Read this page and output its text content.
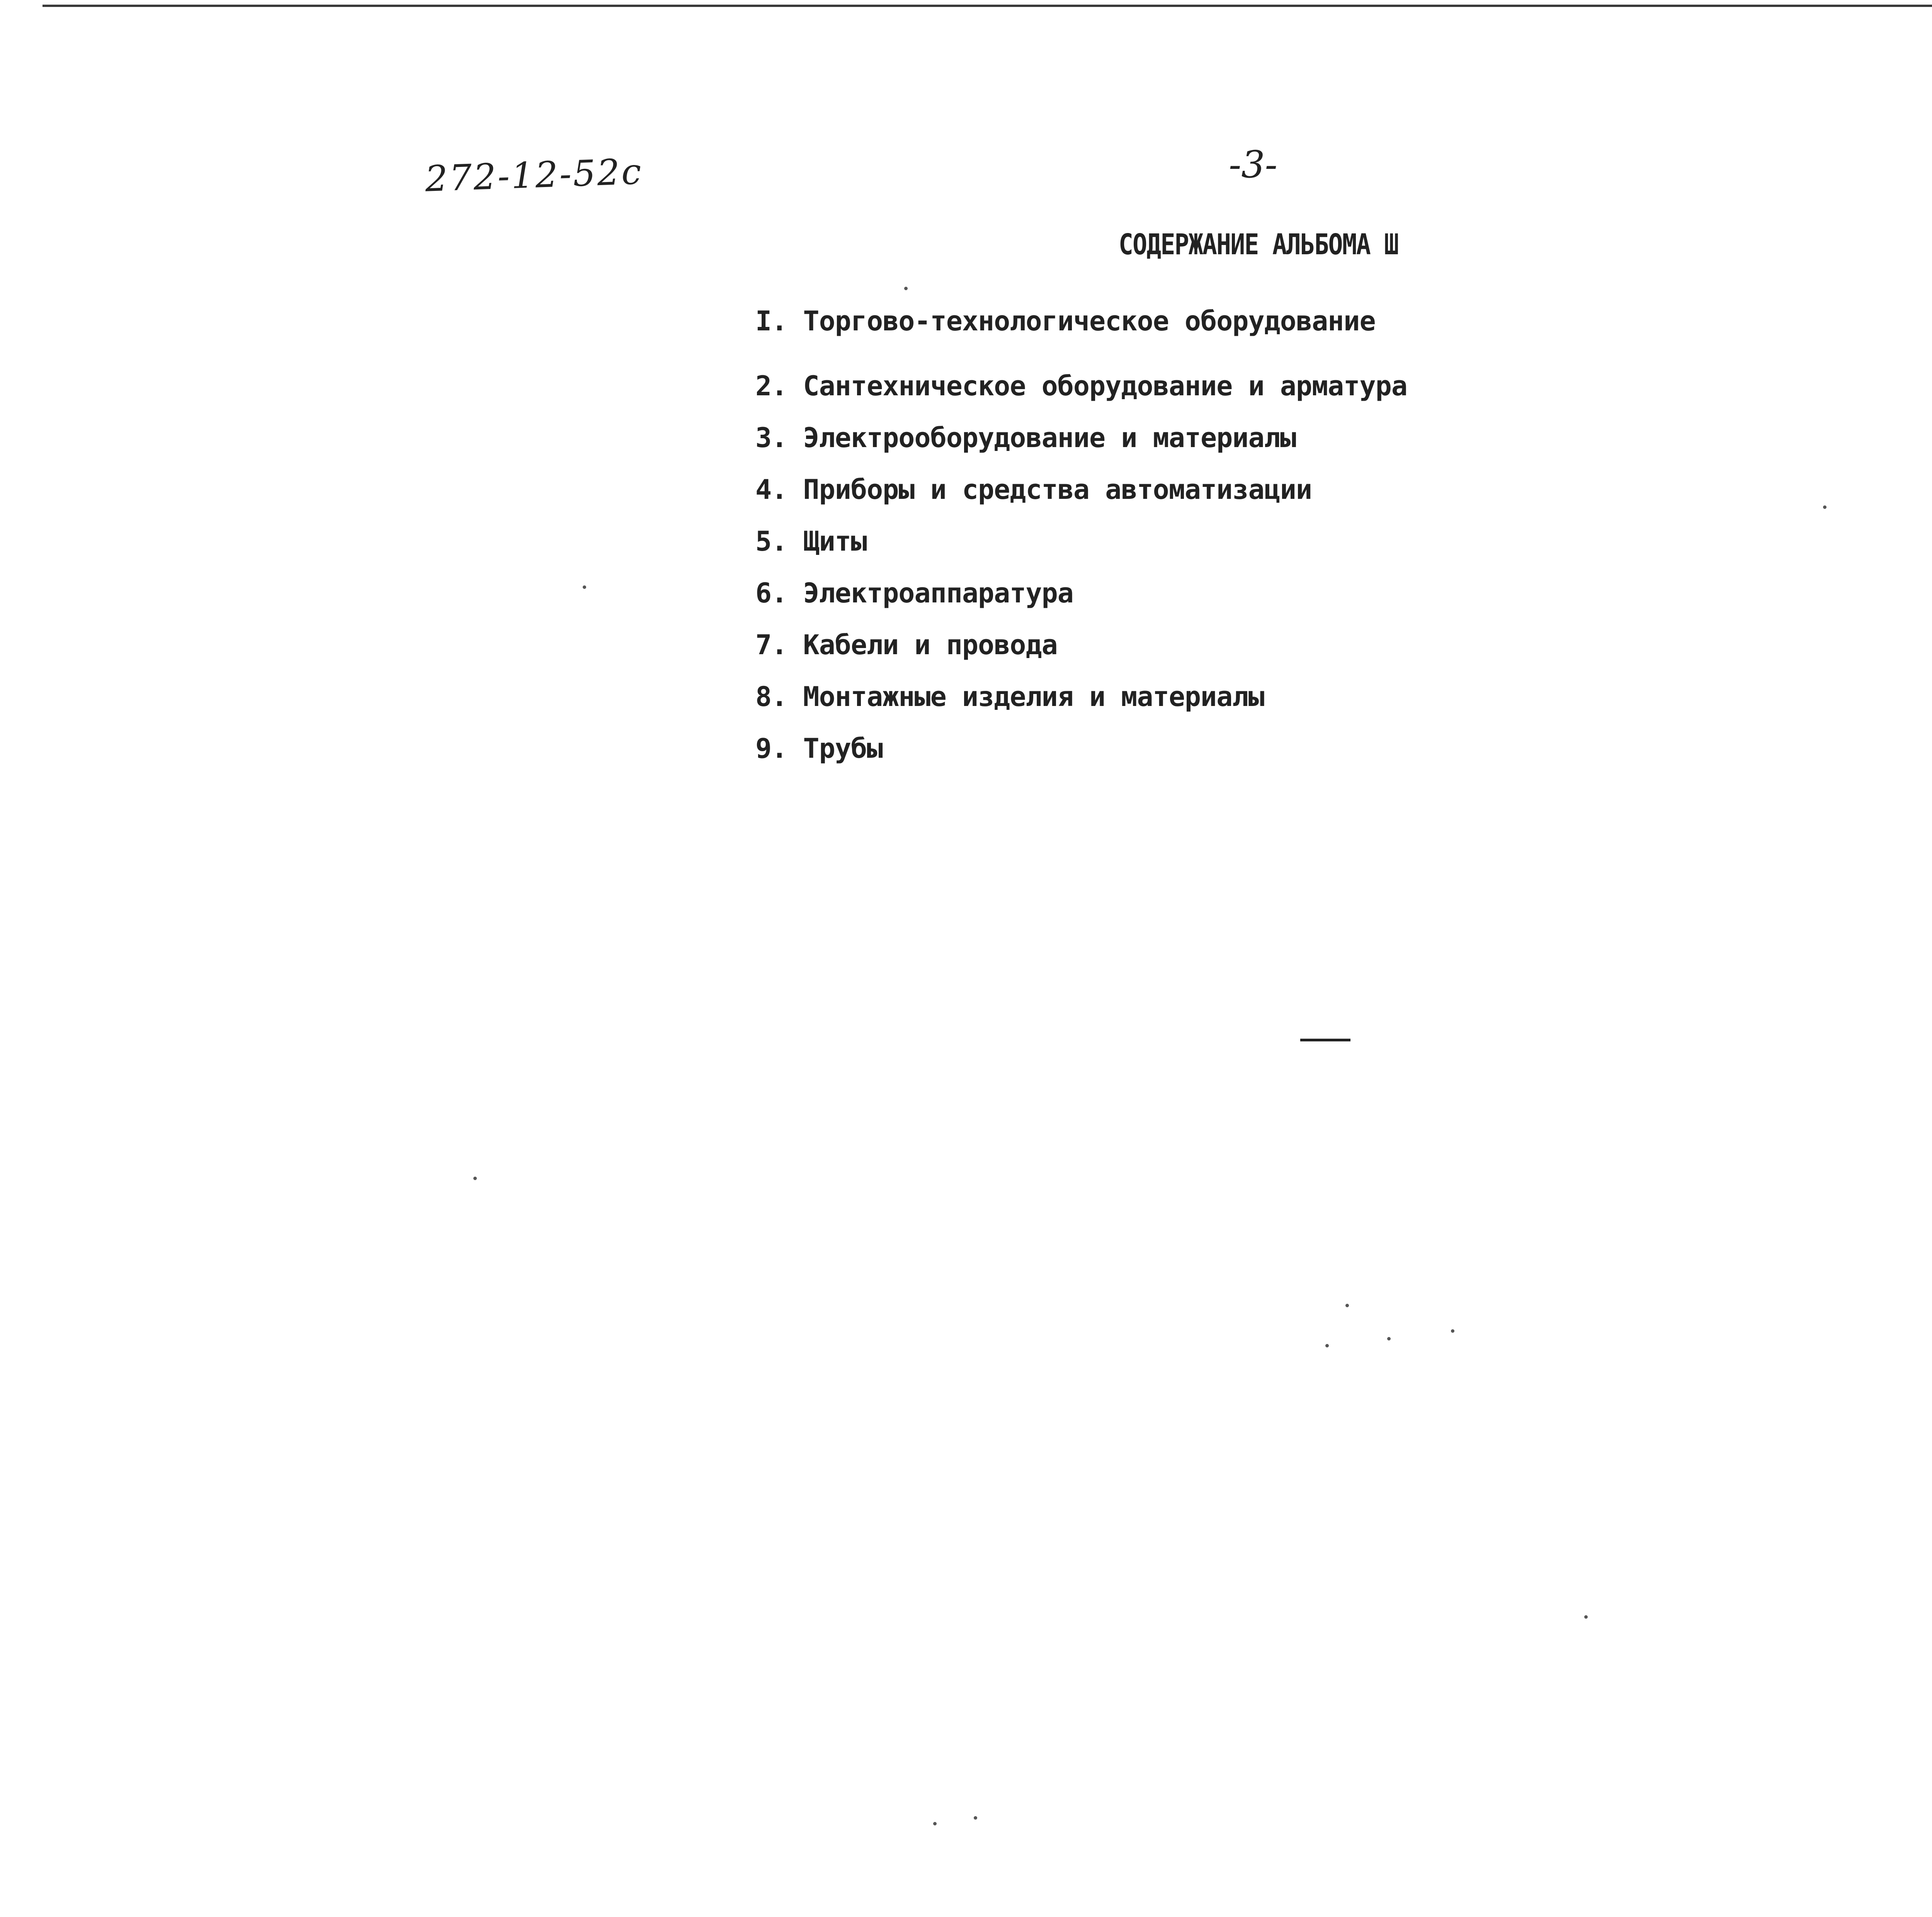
272-12-52с	-3-
СОДЕРЖАНИЕ АЛЬБОМА Ш
I. Торгово-технологическое оборудование
2. Сантехническое оборудование и арматура
3. Электрооборудование и материалы
4. Приборы и средства автоматизации
5. Щиты
6. Электроаппаратура
7. Кабели и провода
8. Монтажные изделия и материалы
9. Трубы
